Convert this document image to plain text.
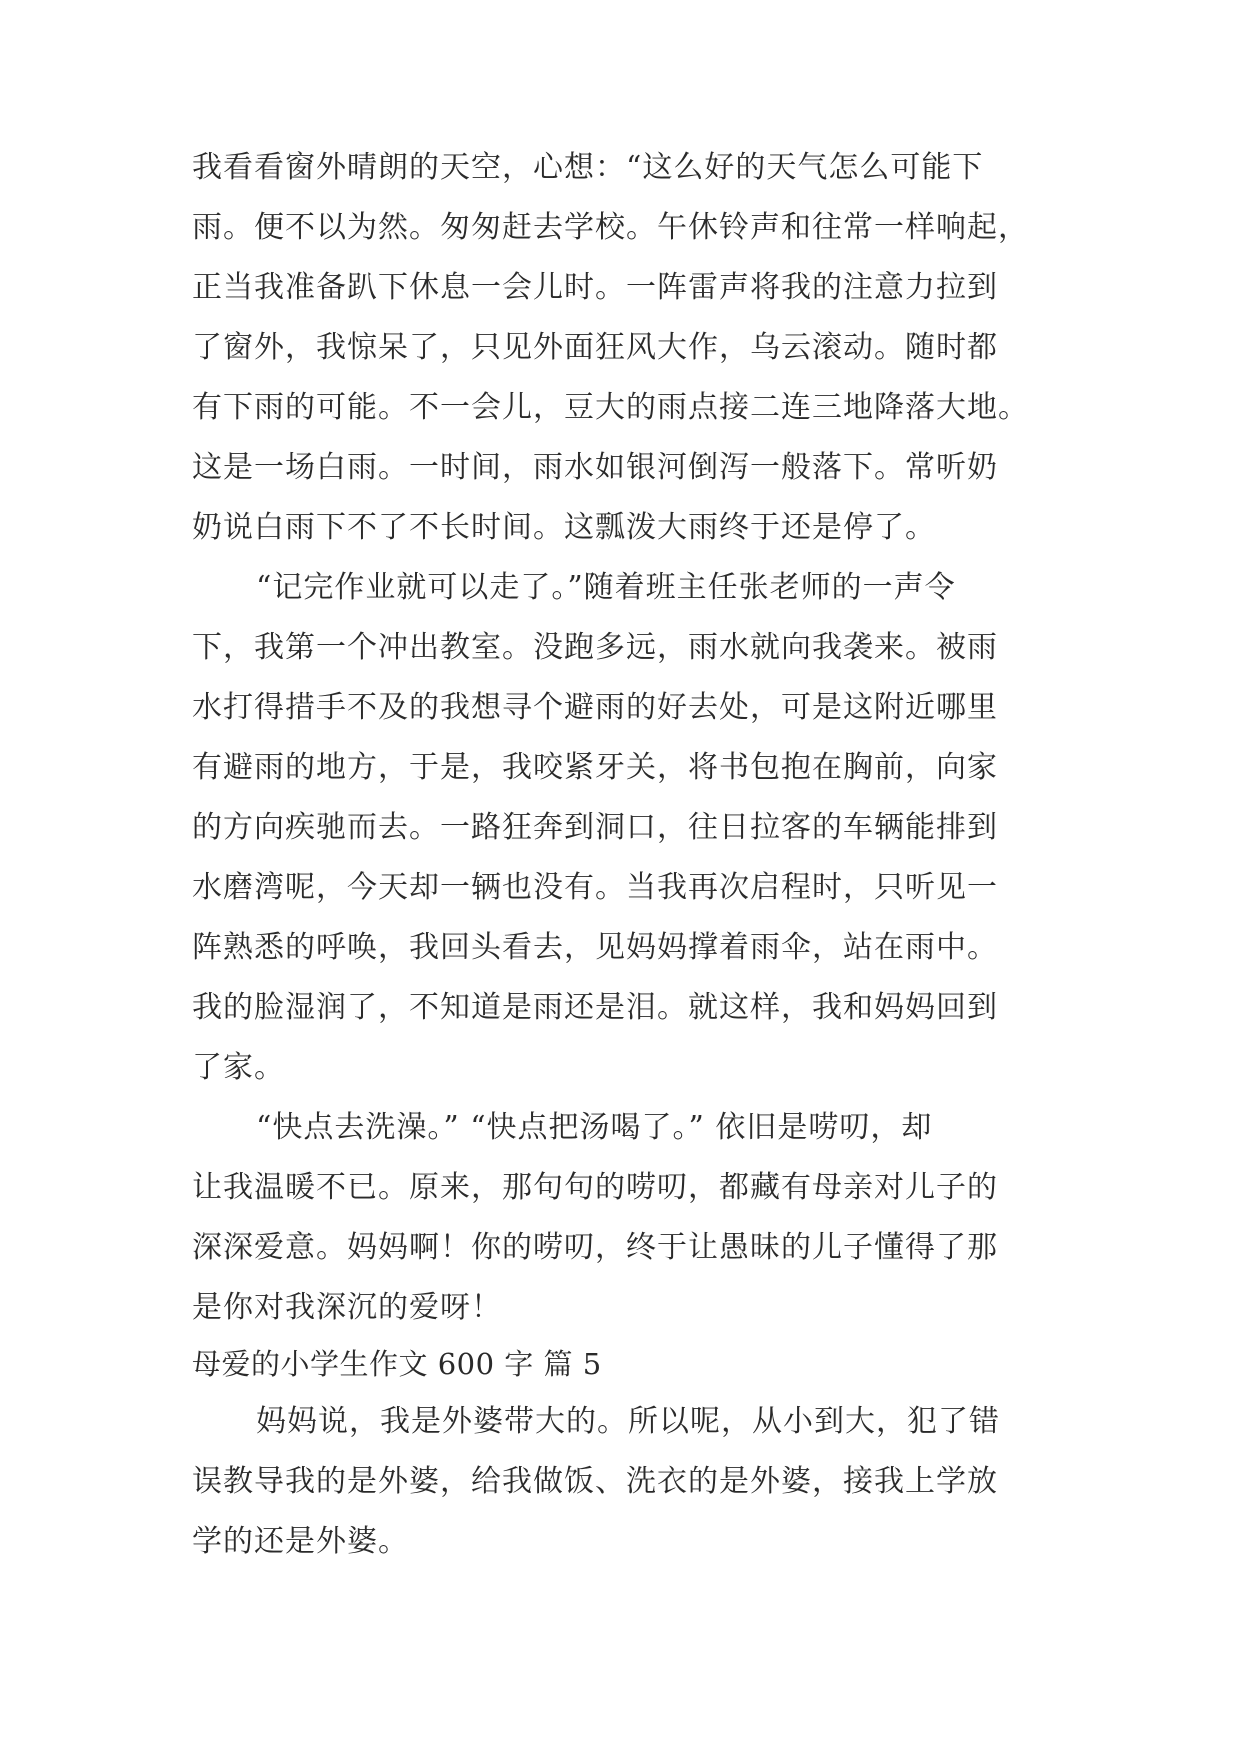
我看看窗外晴朗的天空，心想：“这么好的天气怎么可能下
雨。便不以为然。匆匆赶去学校。午休铃声和往常一样响起，
正当我准备趴下休息一会儿时。一阵雷声将我的注意力拉到
了窗外，我惊呆了，只见外面狂风大作，乌云滚动。随时都
有下雨的可能。不一会儿，豆大的雨点接二连三地降落大地。
这是一场白雨。一时间，雨水如银河倒泻一般落下。常听奶
奶说白雨下不了不长时间。这瓢泼大雨终于还是停了。
“记完作业就可以走了。”随着班主任张老师的一声令
下，我第一个冲出教室。没跑多远，雨水就向我袭来。被雨
水打得措手不及的我想寻个避雨的好去处，可是这附近哪里
有避雨的地方，于是，我咬紧牙关，将书包抱在胸前，向家
的方向疾驰而去。一路狂奔到洞口，往日拉客的车辆能排到
水磨湾呢，今天却一辆也没有。当我再次启程时，只听见一
阵熟悉的呼唤，我回头看去，见妈妈撑着雨伞，站在雨中。
我的脸湿润了，不知道是雨还是泪。就这样，我和妈妈回到
了家。
“快点去洗澡。” “快点把汤喝了。” 依旧是唠叨，却
让我温暖不已。原来，那句句的唠叨，都藏有母亲对儿子的
深深爱意。妈妈啊！你的唠叨，终于让愚昧的儿子懂得了那
是你对我深沉的爱呀！
母爱的小学生作文 600 字 篇 5
妈妈说，我是外婆带大的。所以呢，从小到大，犯了错
误教导我的是外婆，给我做饭、洗衣的是外婆，接我上学放
学的还是外婆。
